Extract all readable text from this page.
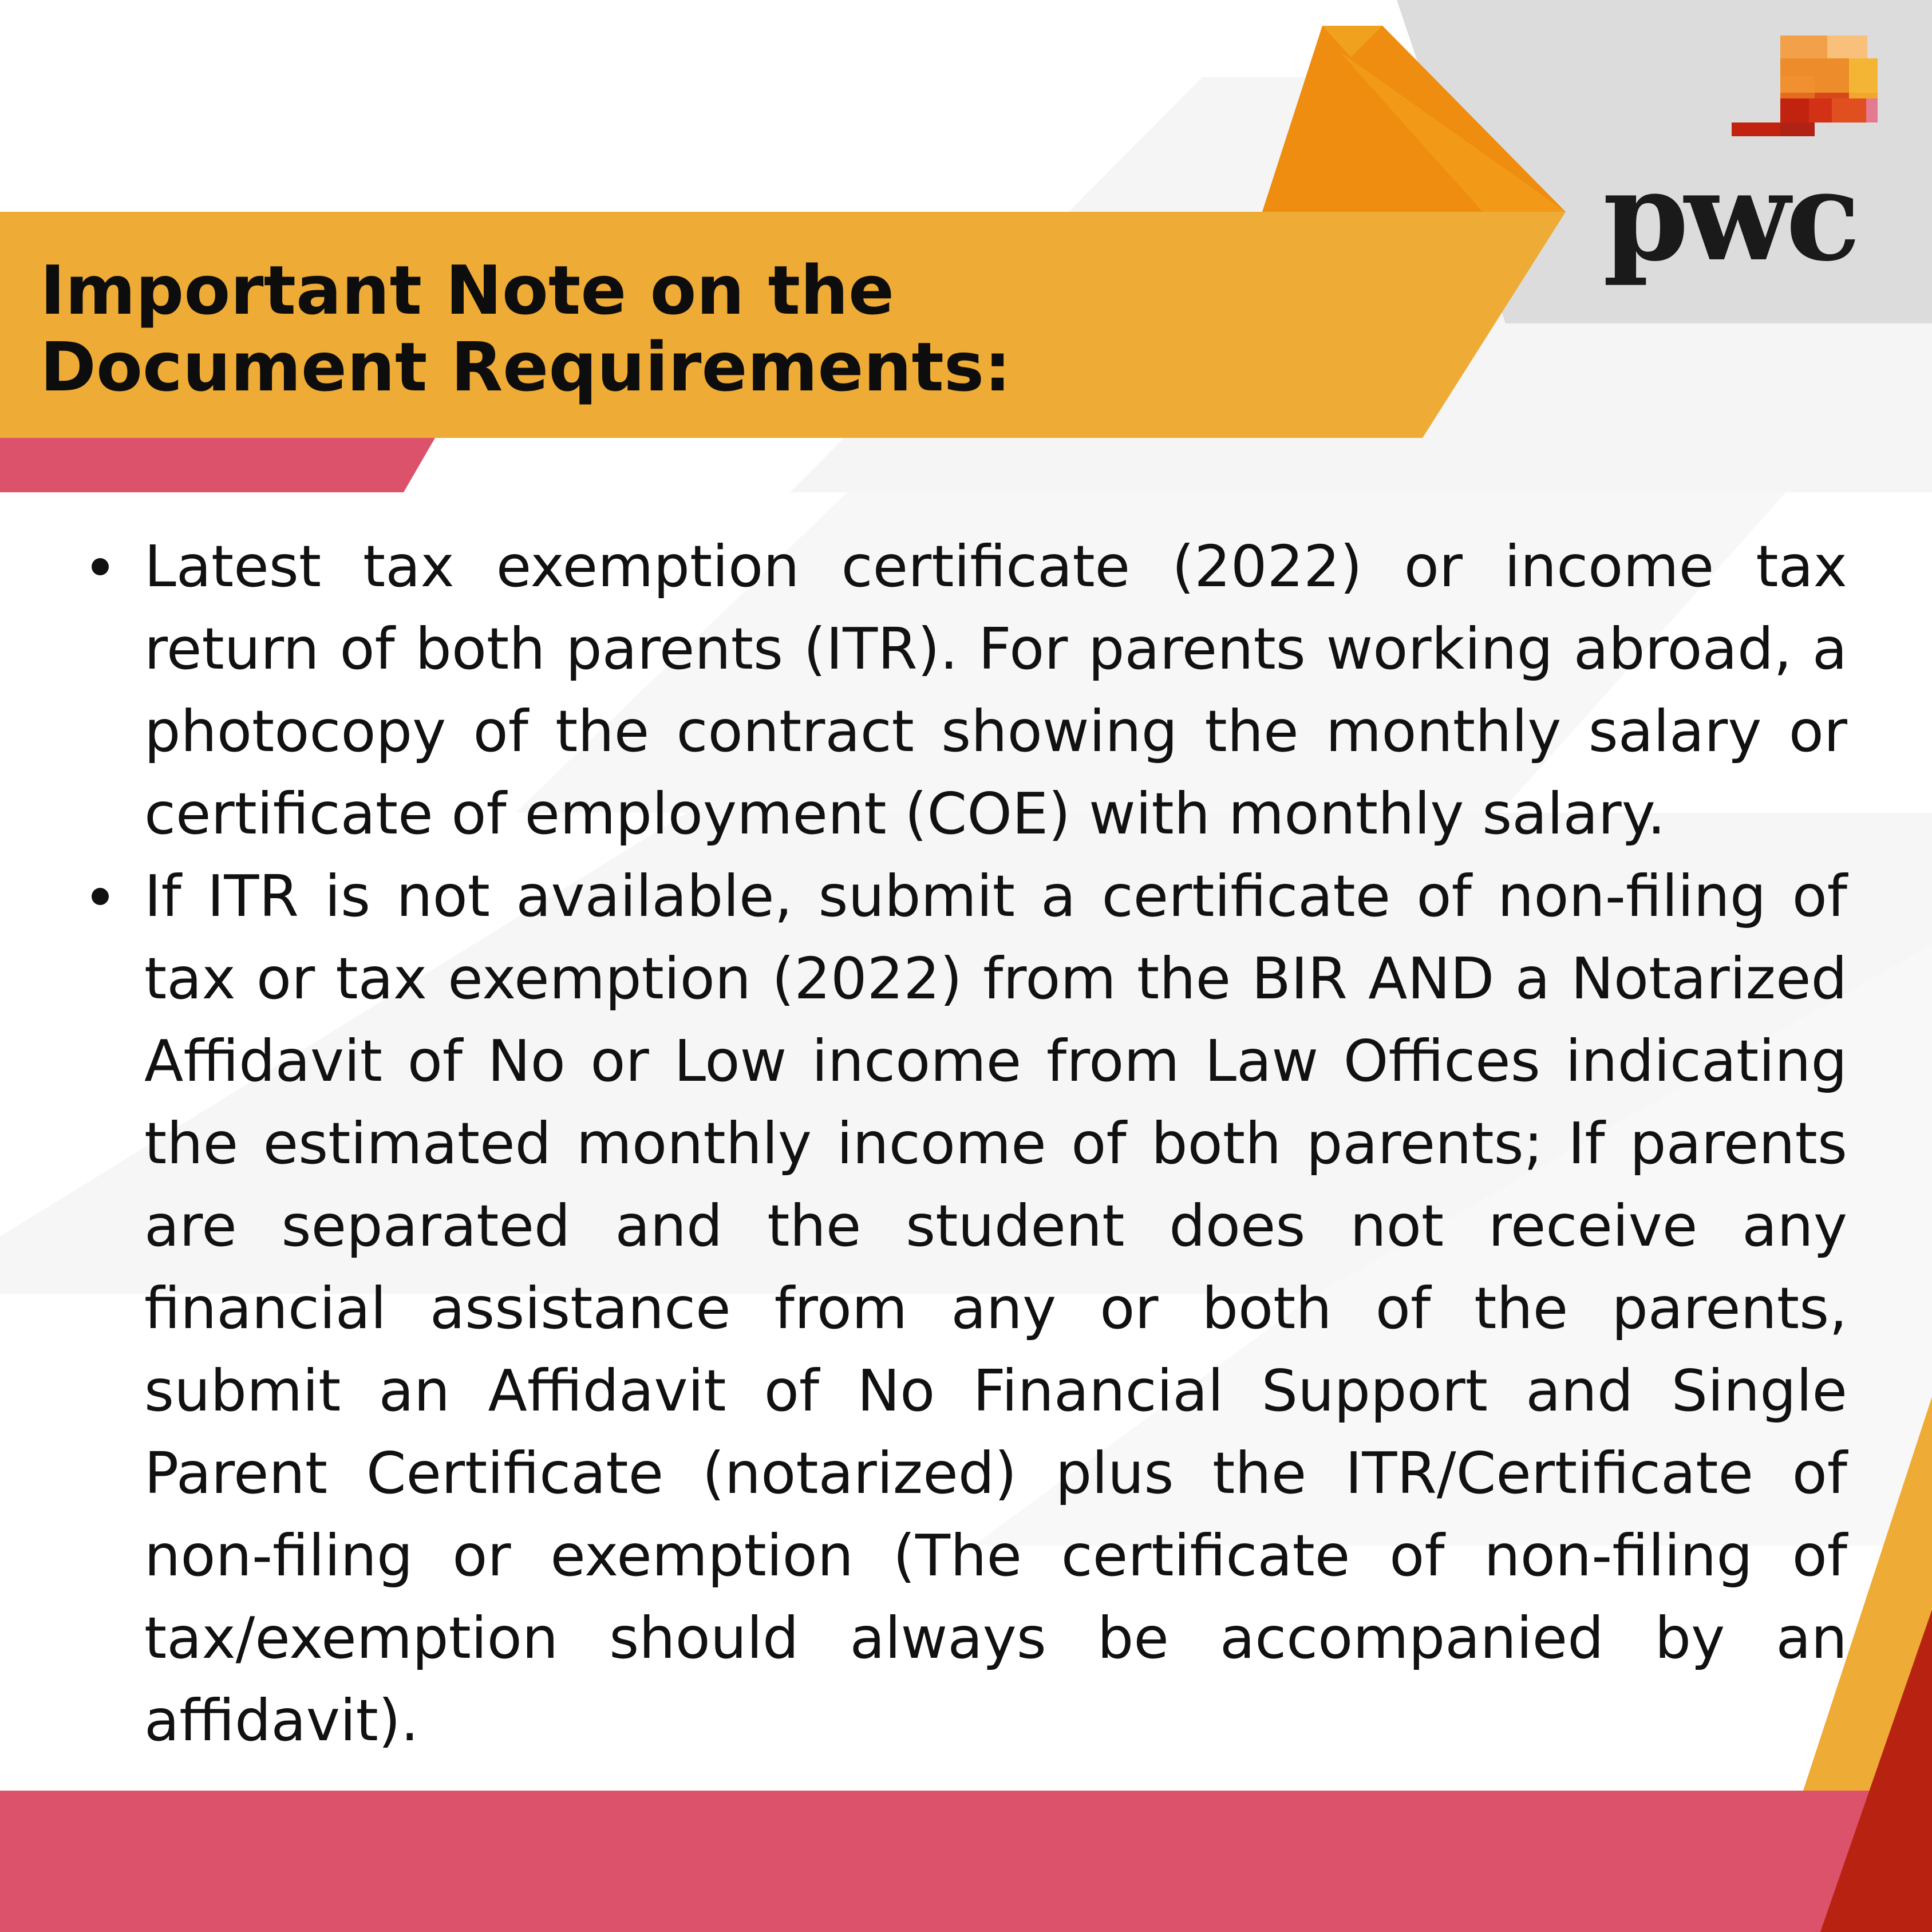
Important Note on the Document Requirements:
pwc
Latest tax exemption certificate (2022) or income tax return of both parents (ITR). For parents working abroad, a photocopy of the contract showing the monthly salary or certificate of employment (COE) with monthly salary.
If ITR is not available, submit a certificate of non-filing of tax or tax exemption (2022) from the BIR AND a Notarized Affidavit of No or Low income from Law Offices indicating the estimated monthly income of both parents; If parents are separated and the student does not receive any financial assistance from any or both of the parents, submit an Affidavit of No Financial Support and Single Parent Certificate (notarized) plus the ITR/Certificate of non-filing or exemption (The certificate of non-filing of tax/exemption should always be accompanied by an affidavit).
